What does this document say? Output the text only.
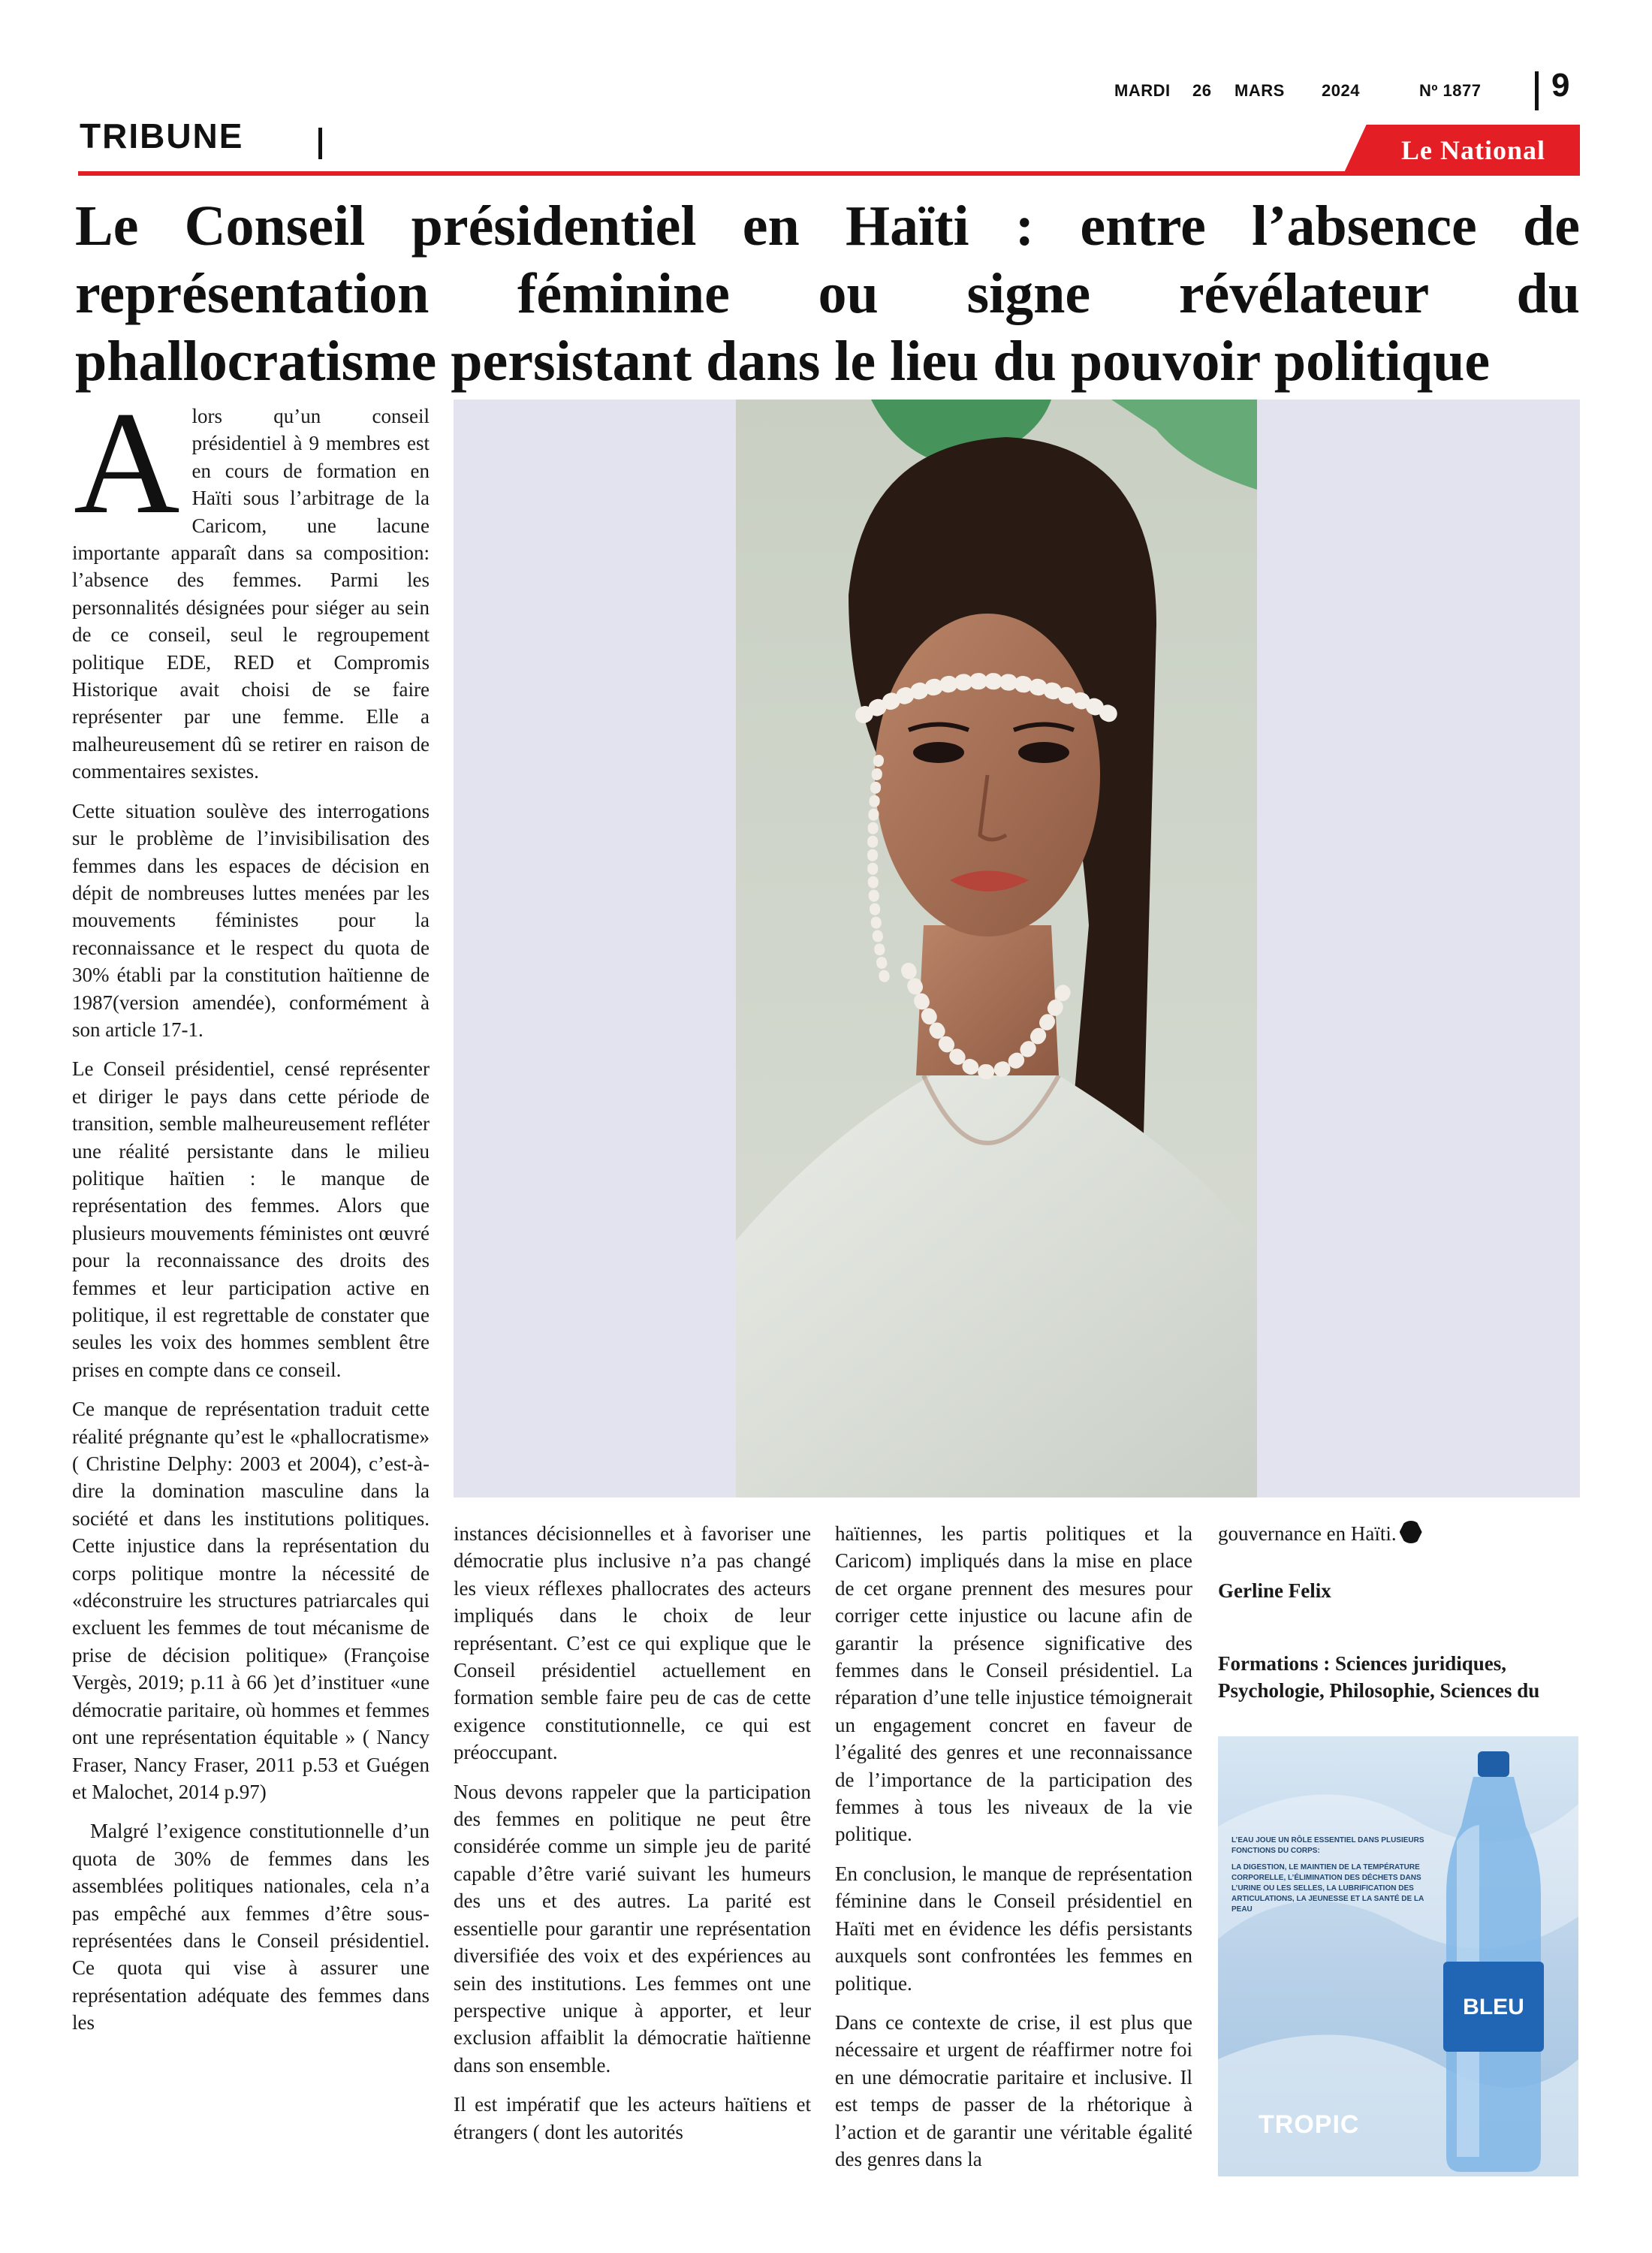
MARDI 26 MARS 2024	Nº 1877 9
TRIBUNE	Le National
Le Conseil présidentiel en Haïti : entre l’absence de représentation féminine ou signe révélateur du phallocratisme persistant dans le lieu du pouvoir politique

Alors qu’un conseil présidentiel à 9 membres est en cours de formation en Haïti sous l’arbitrage de la Caricom, une lacune importante apparaît dans sa composition: l’absence des femmes. Parmi les personnalités désignées pour siéger au sein de ce conseil, seul le regroupement politique EDE, RED et Compromis Historique avait choisi de se faire représenter par une femme. Elle a malheureusement dû se retirer en raison de commentaires sexistes.

Cette situation soulève des interrogations sur le problème de l’invisibilisation des femmes dans les espaces de décision en dépit de nombreuses luttes menées par les mouvements féministes pour la reconnaissance et le respect du quota de 30% établi par la constitution haïtienne de 1987(version amendée), conformément à son article 17-1.

Le Conseil présidentiel, censé représenter et diriger le pays dans cette période de transition, semble malheureusement refléter une réalité persistante dans le milieu politique haïtien : le manque de représentation des femmes. Alors que plusieurs mouvements féministes ont œuvré pour la reconnaissance des droits des femmes et leur participation active en politique, il est regrettable de constater que seules les voix des hommes semblent être prises en compte dans ce conseil.

Ce manque de représentation traduit cette réalité prégnante qu’est le «phallocratisme» ( Christine Delphy: 2003 et 2004), c’est-à-dire la domination masculine dans la société et dans les institutions politiques. Cette injustice dans la représentation du corps politique montre la nécessité de «déconstruire les structures patriarcales qui excluent les femmes de tout mécanisme de prise de décision politique» (Françoise Vergès, 2019; p.11 à 66 )et d’instituer «une démocratie paritaire, où hommes et femmes ont une représentation équitable » ( Nancy Fraser, Nancy Fraser, 2011 p.53 et Guégen et Malochet, 2014 p.97)

Malgré l’exigence constitutionnelle d’un quota de 30% de femmes dans les assemblées politiques nationales, cela n’a pas empêché aux femmes d’être sous-représentées dans le Conseil présidentiel. Ce quota qui vise à assurer une représentation adéquate des femmes dans les

instances décisionnelles et à favoriser une démocratie plus inclusive n’a pas changé les vieux réflexes phallocrates des acteurs impliqués dans le choix de leur représentant. C’est ce qui explique que le Conseil présidentiel actuellement en formation semble faire peu de cas de cette exigence constitutionnelle, ce qui est préoccupant.

Nous devons rappeler que la participation des femmes en politique ne peut être considérée comme un simple jeu de parité capable d’être varié suivant les humeurs des uns et des autres. La parité est essentielle pour garantir une représentation diversifiée des voix et des expériences au sein des institutions. Les femmes ont une perspective unique à apporter, et leur exclusion affaiblit la démocratie haïtienne dans son ensemble.

Il est impératif que les acteurs haïtiens et étrangers ( dont les autorités

haïtiennes, les partis politiques et la Caricom) impliqués dans la mise en place de cet organe prennent des mesures pour corriger cette injustice ou lacune afin de garantir la présence significative des femmes dans le Conseil présidentiel. La réparation d’une telle injustice témoignerait un engagement concret en faveur de l’égalité des genres et une reconnaissance de l’importance de la participation des femmes à tous les niveaux de la vie politique.

En conclusion, le manque de représentation féminine dans le Conseil présidentiel en Haïti met en évidence les défis persistants auxquels sont confrontées les femmes en politique.

Dans ce contexte de crise, il est plus que nécessaire et urgent de réaffirmer notre foi en une démocratie paritaire et inclusive. Il est temps de passer de la rhétorique à l’action et de garantir une véritable égalité des genres dans la

gouvernance en Haïti.

Gerline Felix

Formations : Sciences juridiques, Psychologie, Philosophie, Sciences du

BLEU
L’EAU JOUE UN RÔLE ESSENTIEL DANS PLUSIEURS FONCTIONS DU CORPS:
LA DIGESTION, LE MAINTIEN DE LA TEMPÉRATURE CORPORELLE, L’ÉLIMINATION DES DÉCHETS DANS L’URINE OU LES SELLES, LA LUBRIFICATION DES ARTICULATIONS, LA JEUNESSE ET LA SANTÉ DE LA PEAU
TROPIC
